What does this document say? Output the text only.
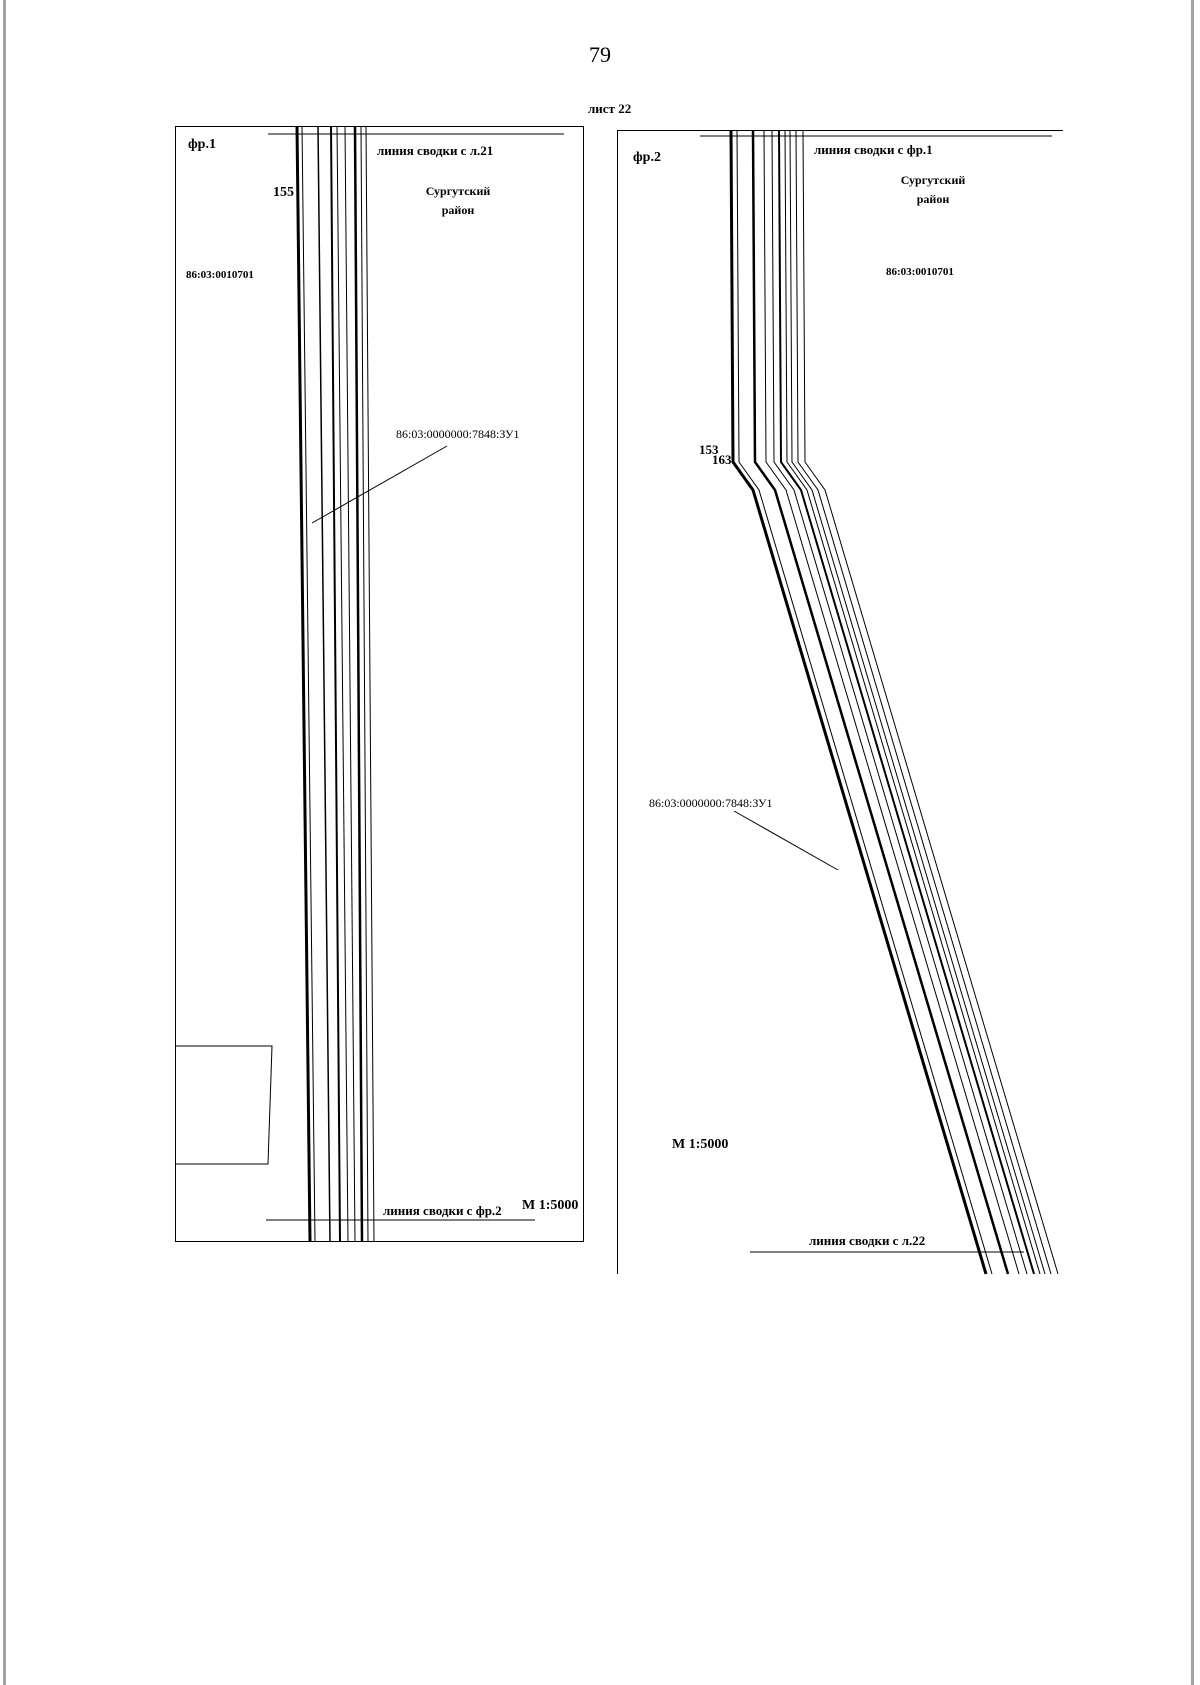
79
лист 22
фр.1	линия сводки с л.21
Сургутский
район
155
86:03:0010701
86:03:0000000:7848:ЗУ1
М 1:5000
линия сводки с фр.2
фр.2
линия сводки с фр.1
Сургутский
район
86:03:0010701
153
163
86:03:0000000:7848:ЗУ1
М 1:5000
линия сводки с л.22
